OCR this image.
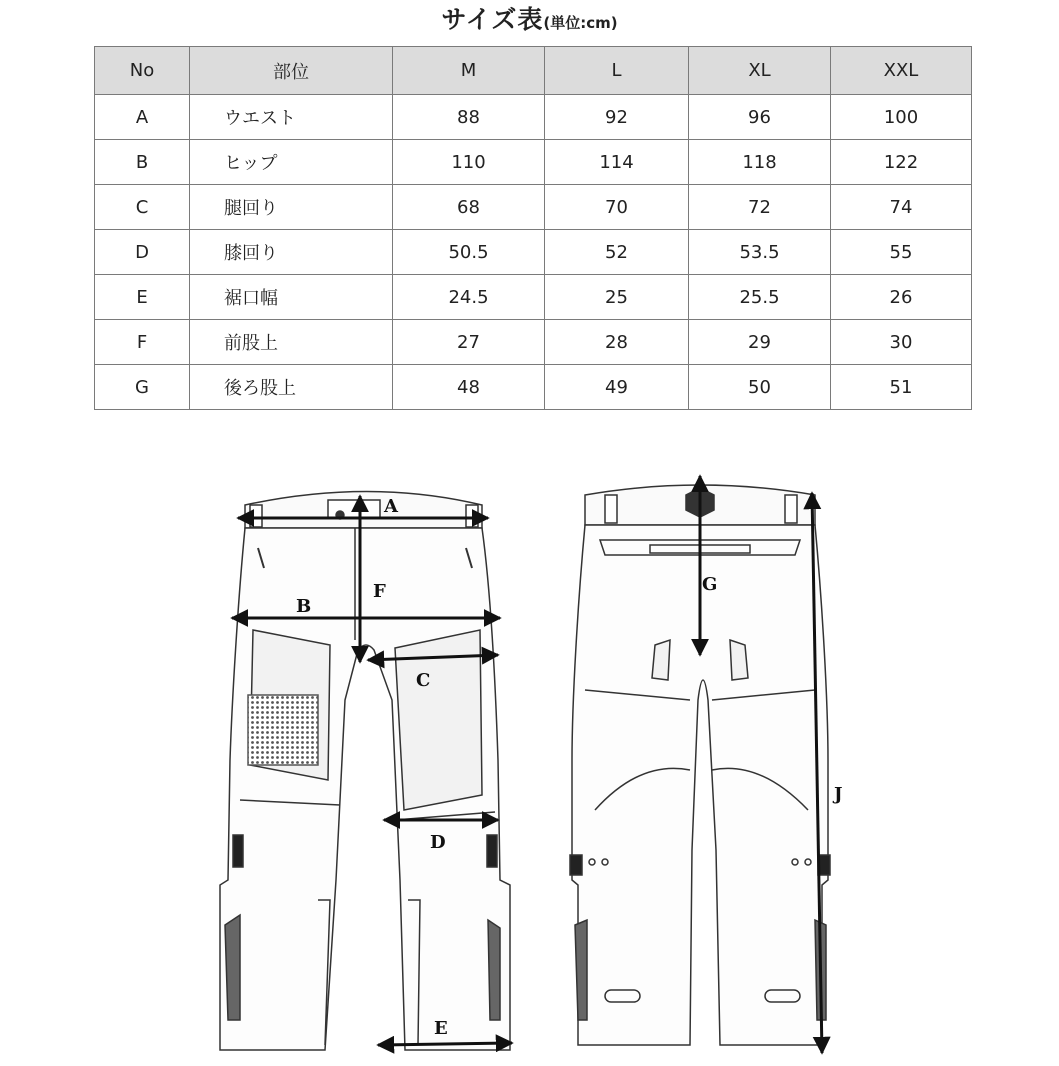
サイズ表(単位:cm)
No	部位	M	L	XL	XXL
A	ウエスト	88	92	96	100
B	ヒップ	110	114	118	122
C	腿回り	68	70	72	74
D	膝回り	50.5	52	53.5	55
E	裾口幅	24.5	25	25.5	26
F	前股上	27	28	29	30
G	後ろ股上	48	49	50	51
A
B
C
D
E
F	G
J
